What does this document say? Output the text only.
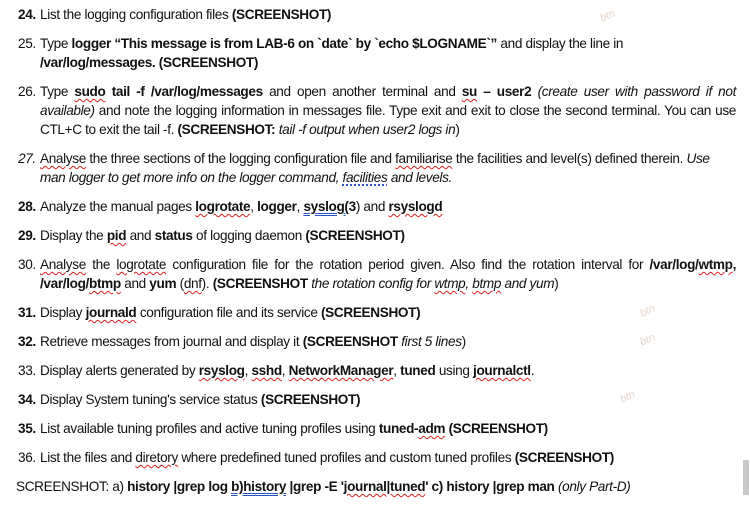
btn
btn
btn
btn
24. List the logging configuration files (SCREENSHOT)
25. Type logger “This message is from LAB-6 on `date` by `echo $LOGNAME`” and display the line in /var/log/messages. (SCREENSHOT)
26. Type sudo tail -f /var/log/messages and open another terminal and su – user2 (create user with password if not available) and note the logging information in messages file. Type exit and exit to close the second terminal. You can use CTL+C to exit the tail -f. (SCREENSHOT: tail -f output when user2 logs in)
27. Analyse the three sections of the logging configuration file and familiarise the facilities and level(s) defined therein. Use man logger to get more info on the logger command, facilities and levels.
28. Analyze the manual pages logrotate, logger, syslog(3) and rsyslogd
29. Display the pid and status of logging daemon (SCREENSHOT)
30. Analyse the logrotate configuration file for the rotation period given. Also find the rotation interval for /var/log/wtmp, /var/log/btmp and yum (dnf). (SCREENSHOT the rotation config for wtmp, btmp and yum)
31. Display journald configuration file and its service (SCREENSHOT)
32. Retrieve messages from journal and display it (SCREENSHOT first 5 lines)
33. Display alerts generated by rsyslog, sshd, NetworkManager, tuned using journalctl.
34. Display System tuning's service status (SCREENSHOT)
35. List available tuning profiles and active tuning profiles using tuned-adm (SCREENSHOT)
36. List the files and diretory where predefined tuned profiles and custom tuned profiles (SCREENSHOT)
SCREENSHOT: a) history |grep log b)history |grep -E 'journal|tuned' c) history |grep man (only Part-D)
